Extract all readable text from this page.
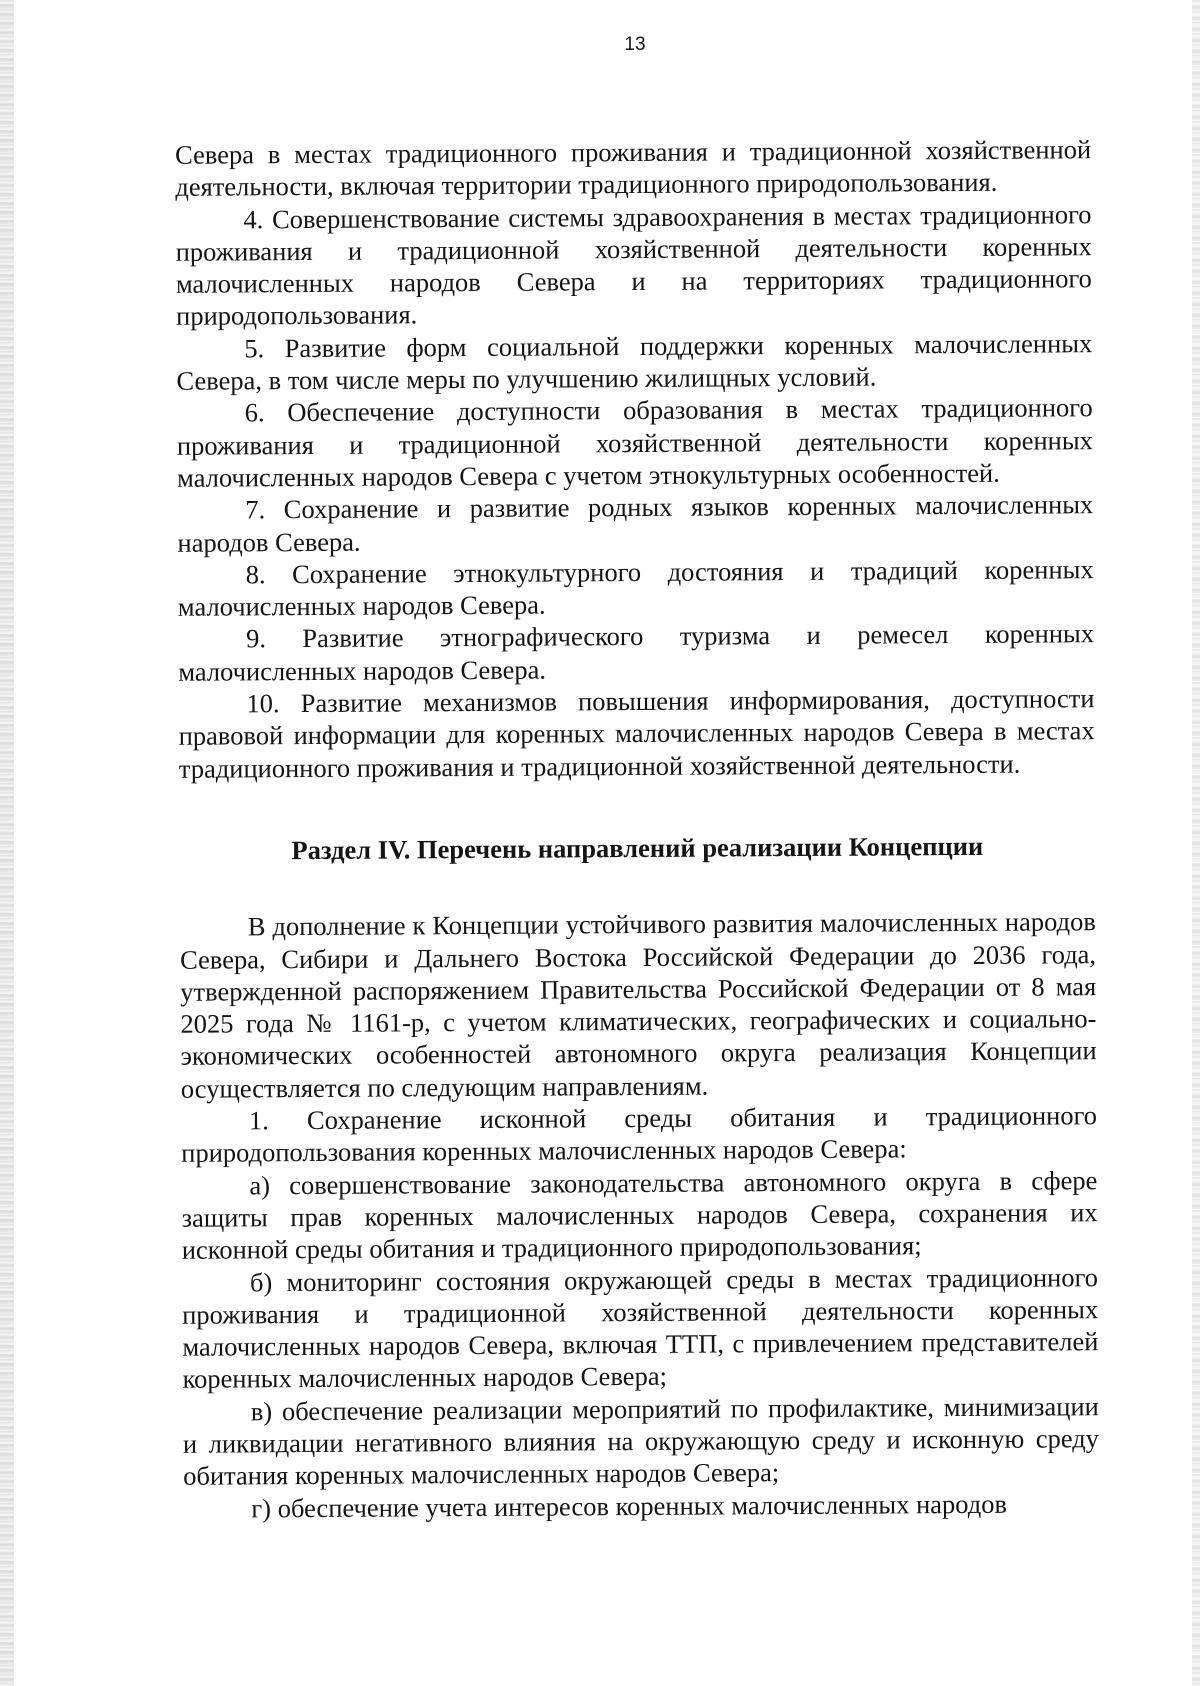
13

Севера в местах традиционного проживания и традиционной хозяйственной деятельности, включая территории традиционного природопользования.

4. Совершенствование системы здравоохранения в местах традиционного проживания и традиционной хозяйственной деятельности коренных малочисленных народов Севера и на территориях традиционного природопользования.

5. Развитие форм социальной поддержки коренных малочисленных Севера, в том числе меры по улучшению жилищных условий.

6. Обеспечение доступности образования в местах традиционного проживания и традиционной хозяйственной деятельности коренных малочисленных народов Севера с учетом этнокультурных особенностей.

7. Сохранение и развитие родных языков коренных малочисленных народов Севера.

8. Сохранение этнокультурного достояния и традиций коренных малочисленных народов Севера.

9. Развитие этнографического туризма и ремесел коренных малочисленных народов Севера.

10. Развитие механизмов повышения информирования, доступности правовой информации для коренных малочисленных народов Севера в местах традиционного проживания и традиционной хозяйственной деятельности.

Раздел IV. Перечень направлений реализации Концепции

В дополнение к Концепции устойчивого развития малочисленных народов Севера, Сибири и Дальнего Востока Российской Федерации до 2036 года, утвержденной распоряжением Правительства Российской Федерации от 8 мая 2025 года № 1161-р, с учетом климатических, географических и социально-экономических особенностей автономного округа реализация Концепции осуществляется по следующим направлениям.

1. Сохранение исконной среды обитания и традиционного природопользования коренных малочисленных народов Севера:

а) совершенствование законодательства автономного округа в сфере защиты прав коренных малочисленных народов Севера, сохранения их исконной среды обитания и традиционного природопользования;

б) мониторинг состояния окружающей среды в местах традиционного проживания и традиционной хозяйственной деятельности коренных малочисленных народов Севера, включая ТТП, с привлечением представителей коренных малочисленных народов Севера;

в) обеспечение реализации мероприятий по профилактике, минимизации и ликвидации негативного влияния на окружающую среду и исконную среду обитания коренных малочисленных народов Севера;

г) обеспечение учета интересов коренных малочисленных народов
